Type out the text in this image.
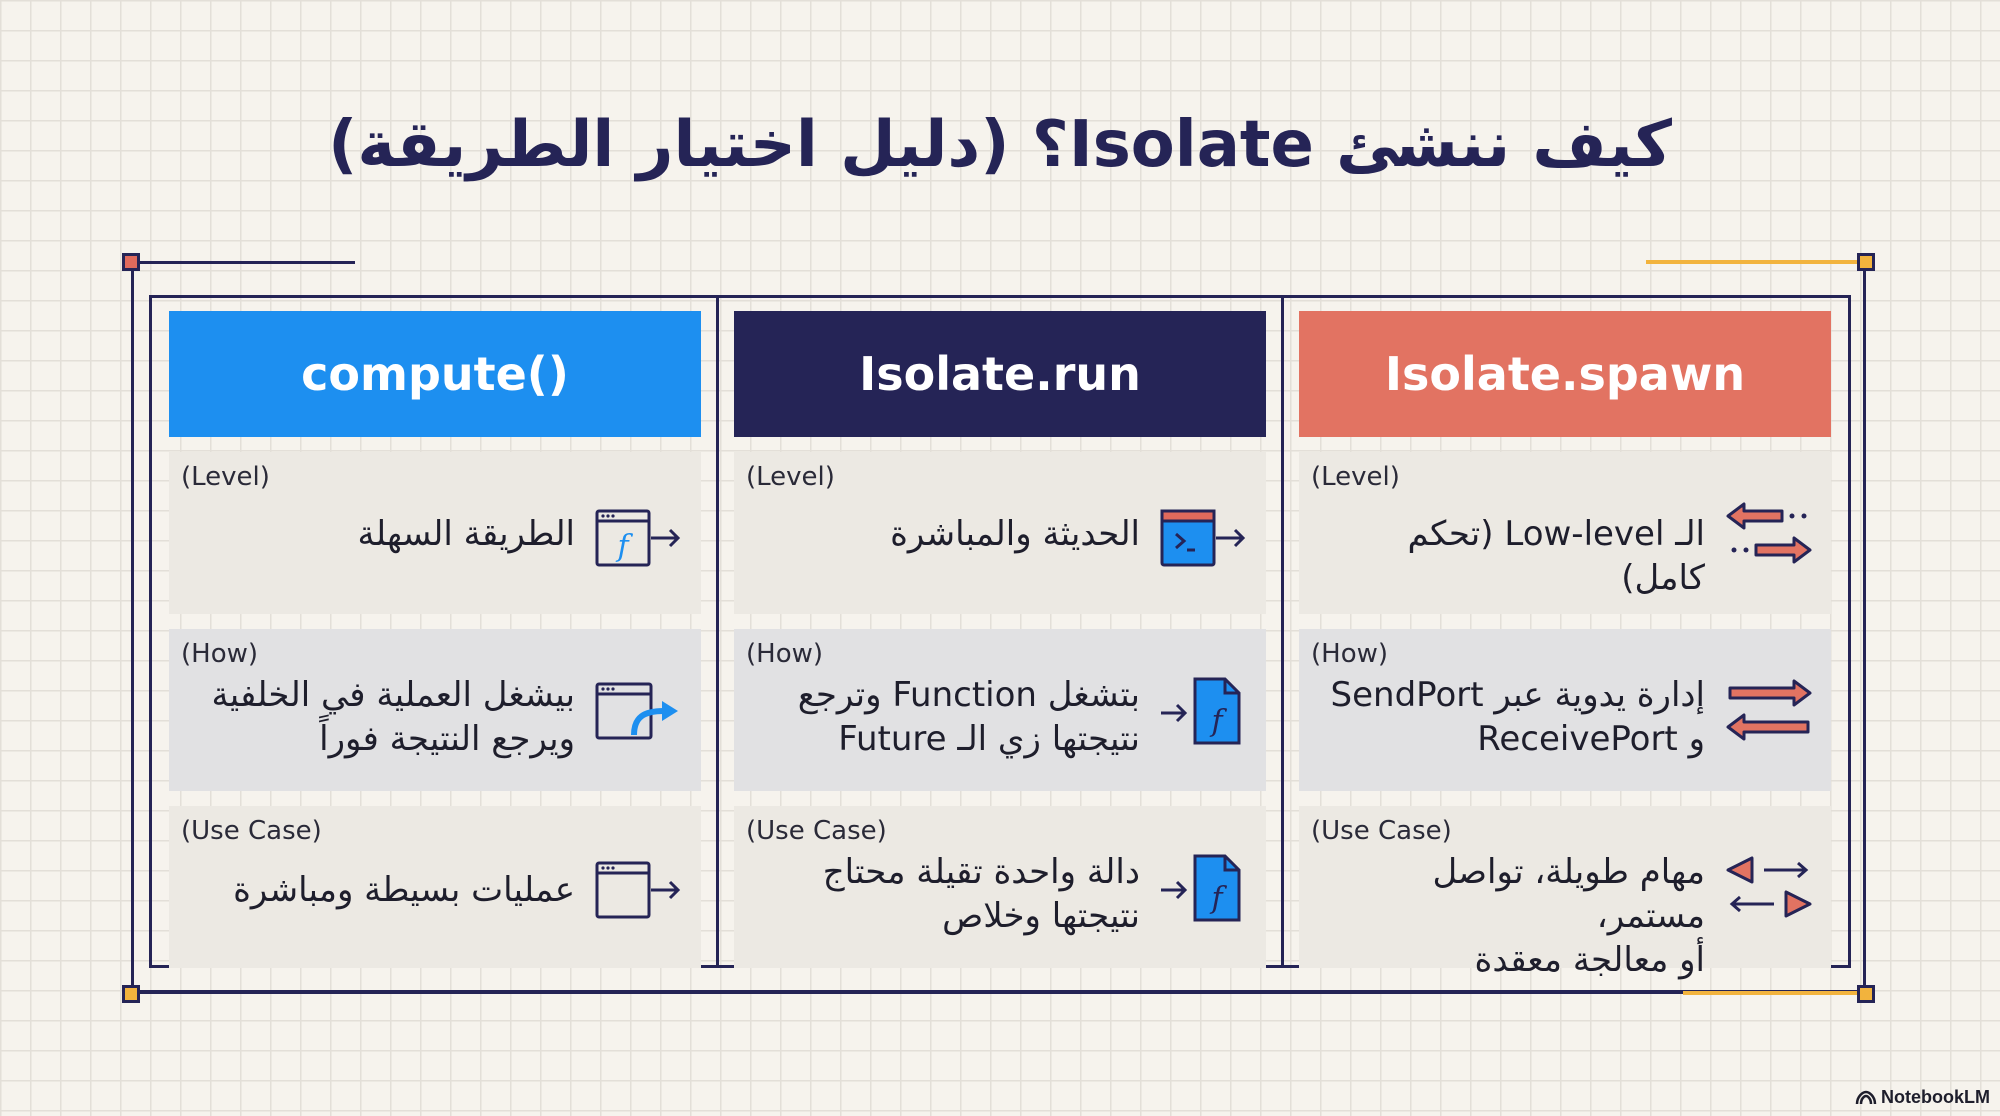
كيف ننشئ Isolate؟ (دليل اختيار الطريقة)
compute()	Isolate.run	Isolate.spawn
(Level)
الطريقة السهلة f
(How)
بيشغل العملية في الخلفية
ويرجع النتيجة فوراً
(Use Case)
عمليات بسيطة ومباشرة
(Level)
الحديثة والمباشرة
(How)
بتشغل Function وترجع
نتيجتها زي الـ Future f
(Use Case)
دالة واحدة تقيلة محتاج
نتيجتها وخلاص f
(Level)
الـ Low-level (تحكم كامل)
(How)
إدارة يدوية عبر SendPort
و ReceivePort
(Use Case)
مهام طويلة، تواصل مستمر،
أو معالجة معقدة
NotebookLM
